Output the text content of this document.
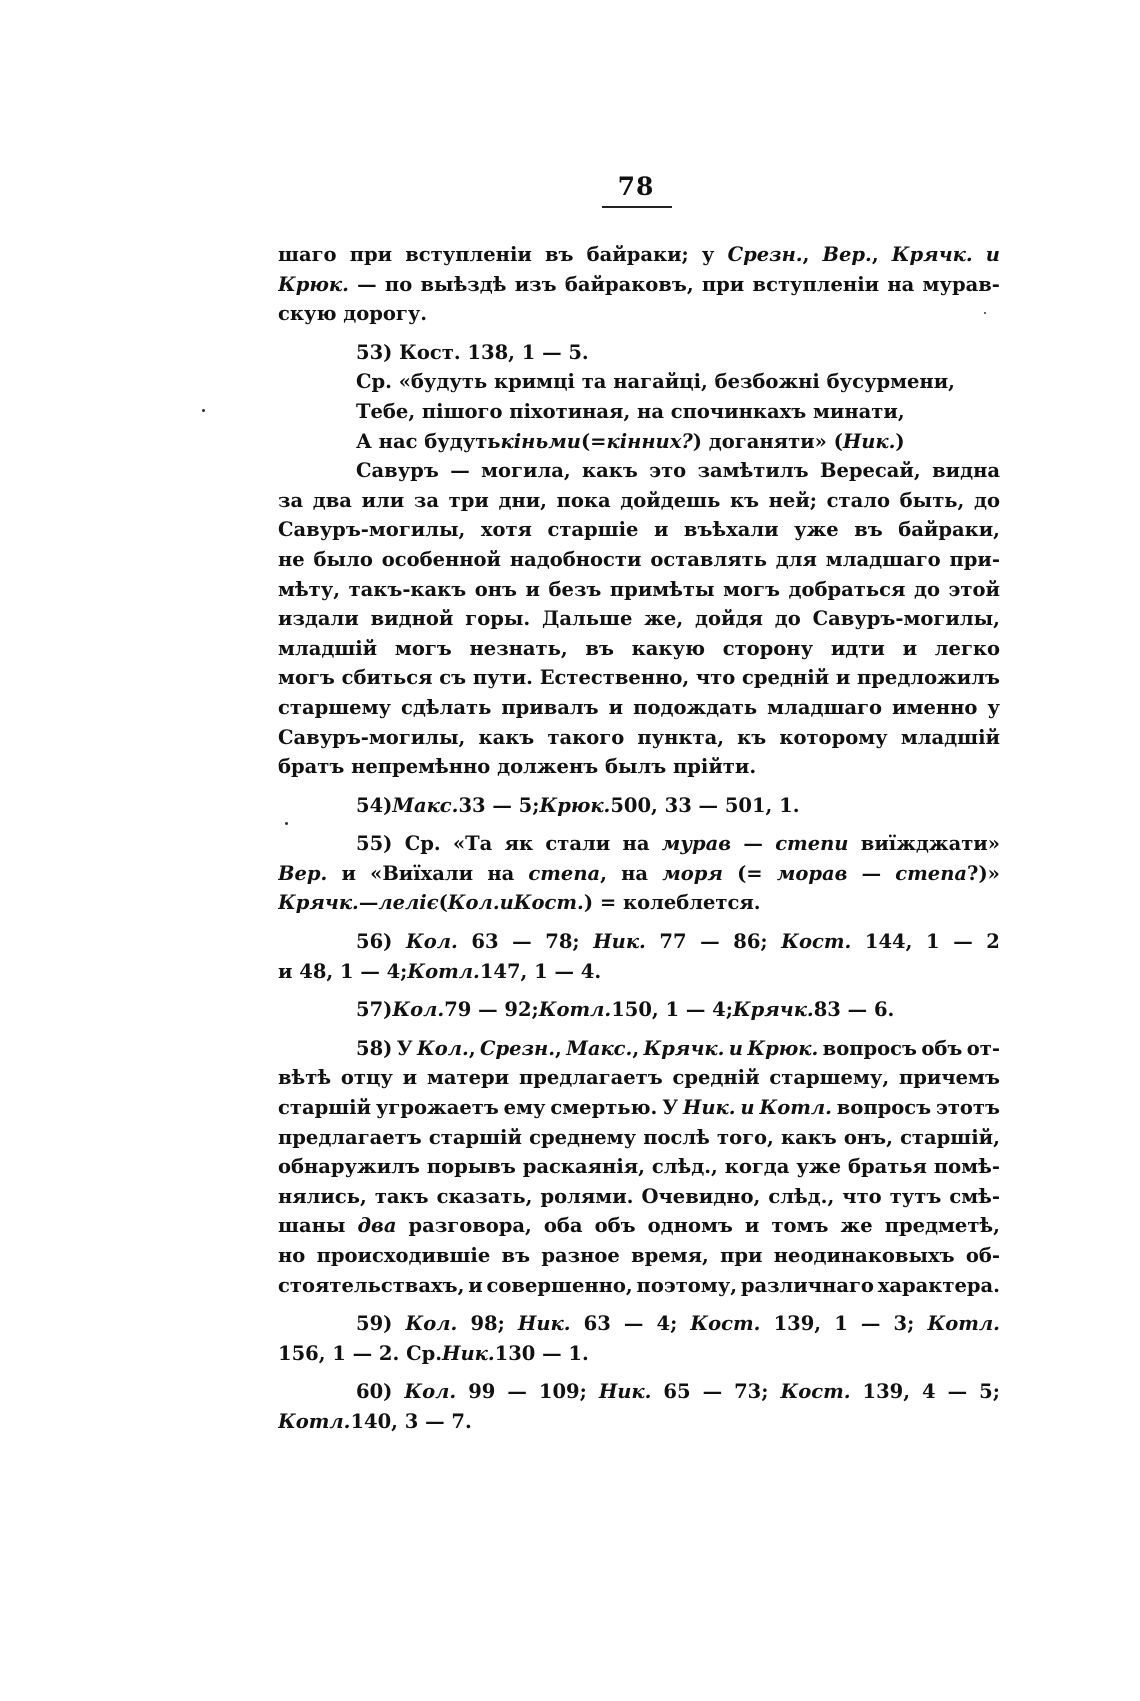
78
шаго при вступленіи въ байраки; у Срезн., Вер., Крячк. и
Крюк. — по выѣздѣ изъ байраковъ, при вступленіи на мурав-
скую дорогу.
53) Кост. 138, 1 — 5.
Ср. «будуть кримці та нагайці, безбожні бусурмени,
Тебе, пішого піхотиная, на спочинкахъ минати,
А нас будуть кіньми (= кінних? ) доганяти» ( Ник. )
Савуръ — могила, какъ это замѣтилъ Вересай, видна
за два или за три дни, пока дойдешь къ ней; стало быть, до
Савуръ-могилы, хотя старшіе и въѣхали уже въ байраки,
не было особенной надобности оставлять для младшаго при-
мѣту, такъ-какъ онъ и безъ примѣты могъ добраться до этой
издали видной горы. Дальше же, дойдя до Савуръ-могилы,
младшій могъ незнать, въ какую сторону идти и легко
могъ сбиться съ пути. Естественно, что средній и предложилъ
старшему сдѣлать привалъ и подождать младшаго именно у
Савуръ-могилы, какъ такого пункта, къ которому младшій
братъ непремѣнно долженъ былъ прійти.
54) Макс. 33 — 5; Крюк. 500, 33 — 501, 1.
55) Ср. «Та як стали на мурав — степи виїжджати»
Вер. и «Виїхали на степа, на моря (= морав — степа?)»
Крячк. — леліє ( Кол. и Кост. ) = колеблется.
56) Кол. 63 — 78; Ник. 77 — 86; Кост. 144, 1 — 2
и 48, 1 — 4; Котл. 147, 1 — 4.
57) Кол. 79 — 92; Котл. 150, 1 — 4; Крячк. 83 — 6.
58) У Кол., Срезн., Макс., Крячк. и Крюк. вопросъ объ от-
вѣтѣ отцу и матери предлагаетъ средній старшему, причемъ
старшій угрожаетъ ему смертью. У Ник. и Котл. вопросъ этотъ
предлагаетъ старшій среднему послѣ того, какъ онъ, старшій,
обнаружилъ порывъ раскаянія, слѣд., когда уже братья помѣ-
нялись, такъ сказать, ролями. Очевидно, слѣд., что тутъ смѣ-
шаны два разговора, оба объ одномъ и томъ же предметѣ,
но происходившіе въ разное время, при неодинаковыхъ об-
стоятельствахъ, и совершенно, поэтому, различнаго характера.
59) Кол. 98; Ник. 63 — 4; Кост. 139, 1 — 3; Котл.
156, 1 — 2. Ср. Ник. 130 — 1.
60) Кол. 99 — 109; Ник. 65 — 73; Кост. 139, 4 — 5;
Котл. 140, 3 — 7.
